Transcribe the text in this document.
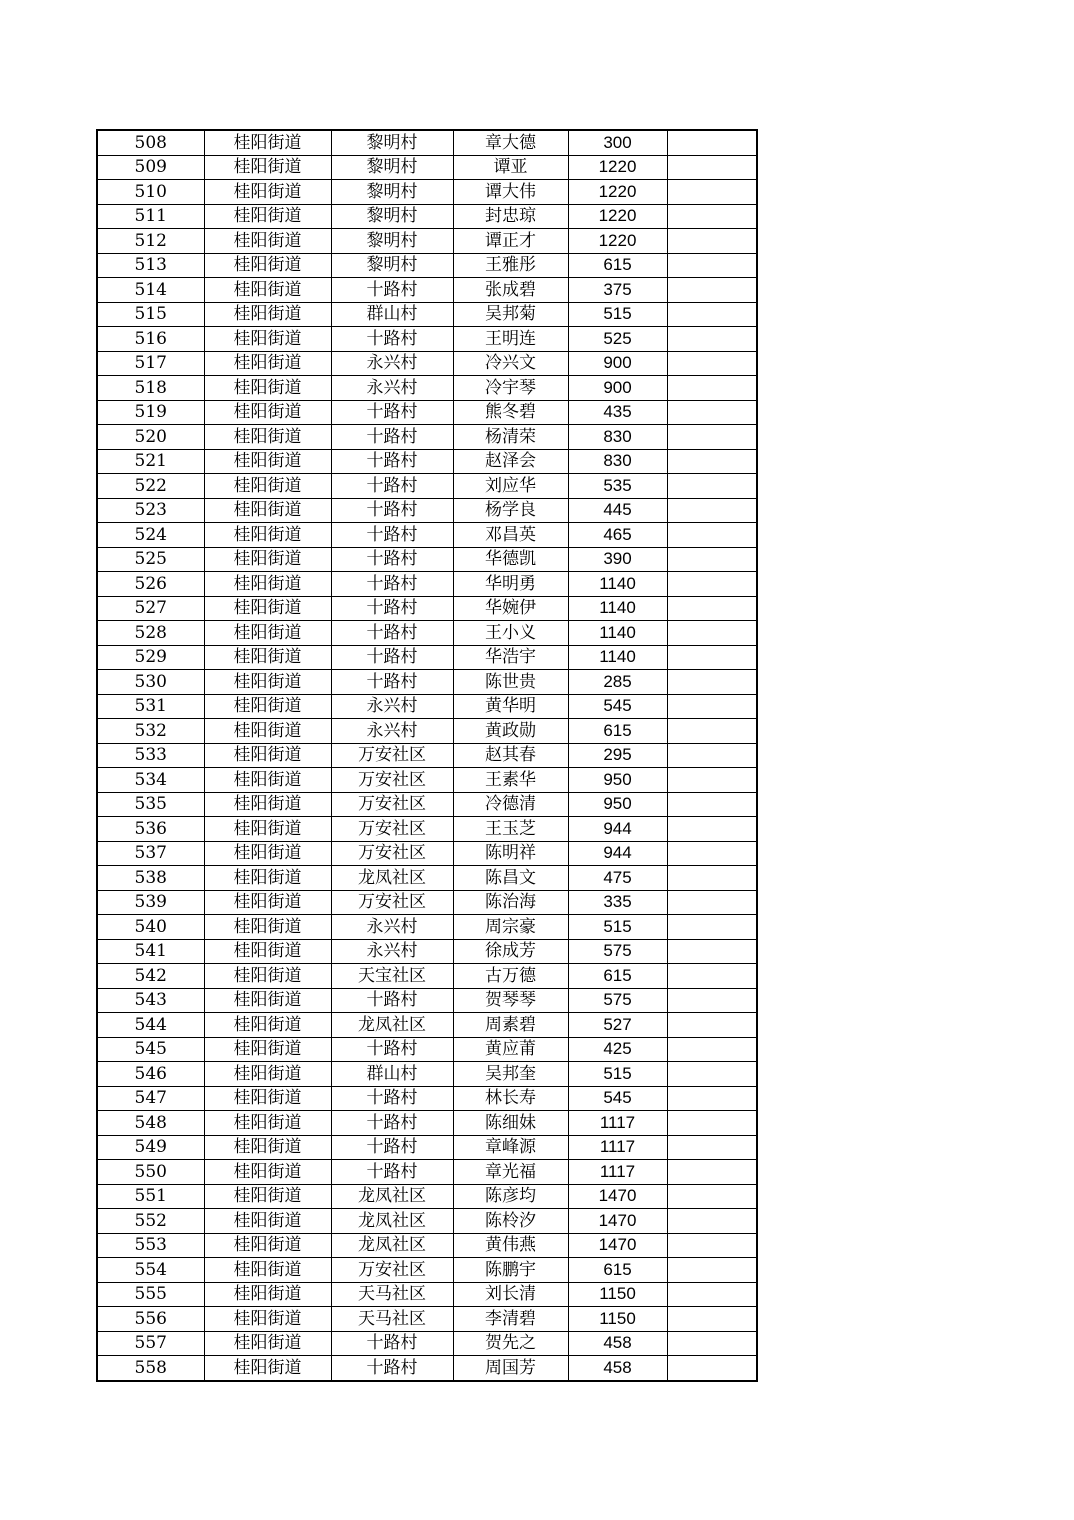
508	桂阳街道	黎明村	章大德	300	
509	桂阳街道	黎明村	谭亚	1220	
510	桂阳街道	黎明村	谭大伟	1220	
511	桂阳街道	黎明村	封忠琼	1220	
512	桂阳街道	黎明村	谭正才	1220	
513	桂阳街道	黎明村	王雅彤	615	
514	桂阳街道	十路村	张成碧	375	
515	桂阳街道	群山村	吴邦菊	515	
516	桂阳街道	十路村	王明连	525	
517	桂阳街道	永兴村	冷兴文	900	
518	桂阳街道	永兴村	冷宇琴	900	
519	桂阳街道	十路村	熊冬碧	435	
520	桂阳街道	十路村	杨清荣	830	
521	桂阳街道	十路村	赵泽会	830	
522	桂阳街道	十路村	刘应华	535	
523	桂阳街道	十路村	杨学良	445	
524	桂阳街道	十路村	邓昌英	465	
525	桂阳街道	十路村	华德凯	390	
526	桂阳街道	十路村	华明勇	1140	
527	桂阳街道	十路村	华婉伊	1140	
528	桂阳街道	十路村	王小义	1140	
529	桂阳街道	十路村	华浩宇	1140	
530	桂阳街道	十路村	陈世贵	285	
531	桂阳街道	永兴村	黄华明	545	
532	桂阳街道	永兴村	黄政勋	615	
533	桂阳街道	万安社区	赵其春	295	
534	桂阳街道	万安社区	王素华	950	
535	桂阳街道	万安社区	冷德清	950	
536	桂阳街道	万安社区	王玉芝	944	
537	桂阳街道	万安社区	陈明祥	944	
538	桂阳街道	龙凤社区	陈昌文	475	
539	桂阳街道	万安社区	陈治海	335	
540	桂阳街道	永兴村	周宗豪	515	
541	桂阳街道	永兴村	徐成芳	575	
542	桂阳街道	天宝社区	古万德	615	
543	桂阳街道	十路村	贺琴琴	575	
544	桂阳街道	龙凤社区	周素碧	527	
545	桂阳街道	十路村	黄应莆	425	
546	桂阳街道	群山村	吴邦奎	515	
547	桂阳街道	十路村	林长寿	545	
548	桂阳街道	十路村	陈细妹	1117	
549	桂阳街道	十路村	章峰源	1117	
550	桂阳街道	十路村	章光福	1117	
551	桂阳街道	龙凤社区	陈彦均	1470	
552	桂阳街道	龙凤社区	陈柃汐	1470	
553	桂阳街道	龙凤社区	黄伟燕	1470	
554	桂阳街道	万安社区	陈鹏宇	615	
555	桂阳街道	天马社区	刘长清	1150	
556	桂阳街道	天马社区	李清碧	1150	
557	桂阳街道	十路村	贺先之	458	
558	桂阳街道	十路村	周国芳	458	
